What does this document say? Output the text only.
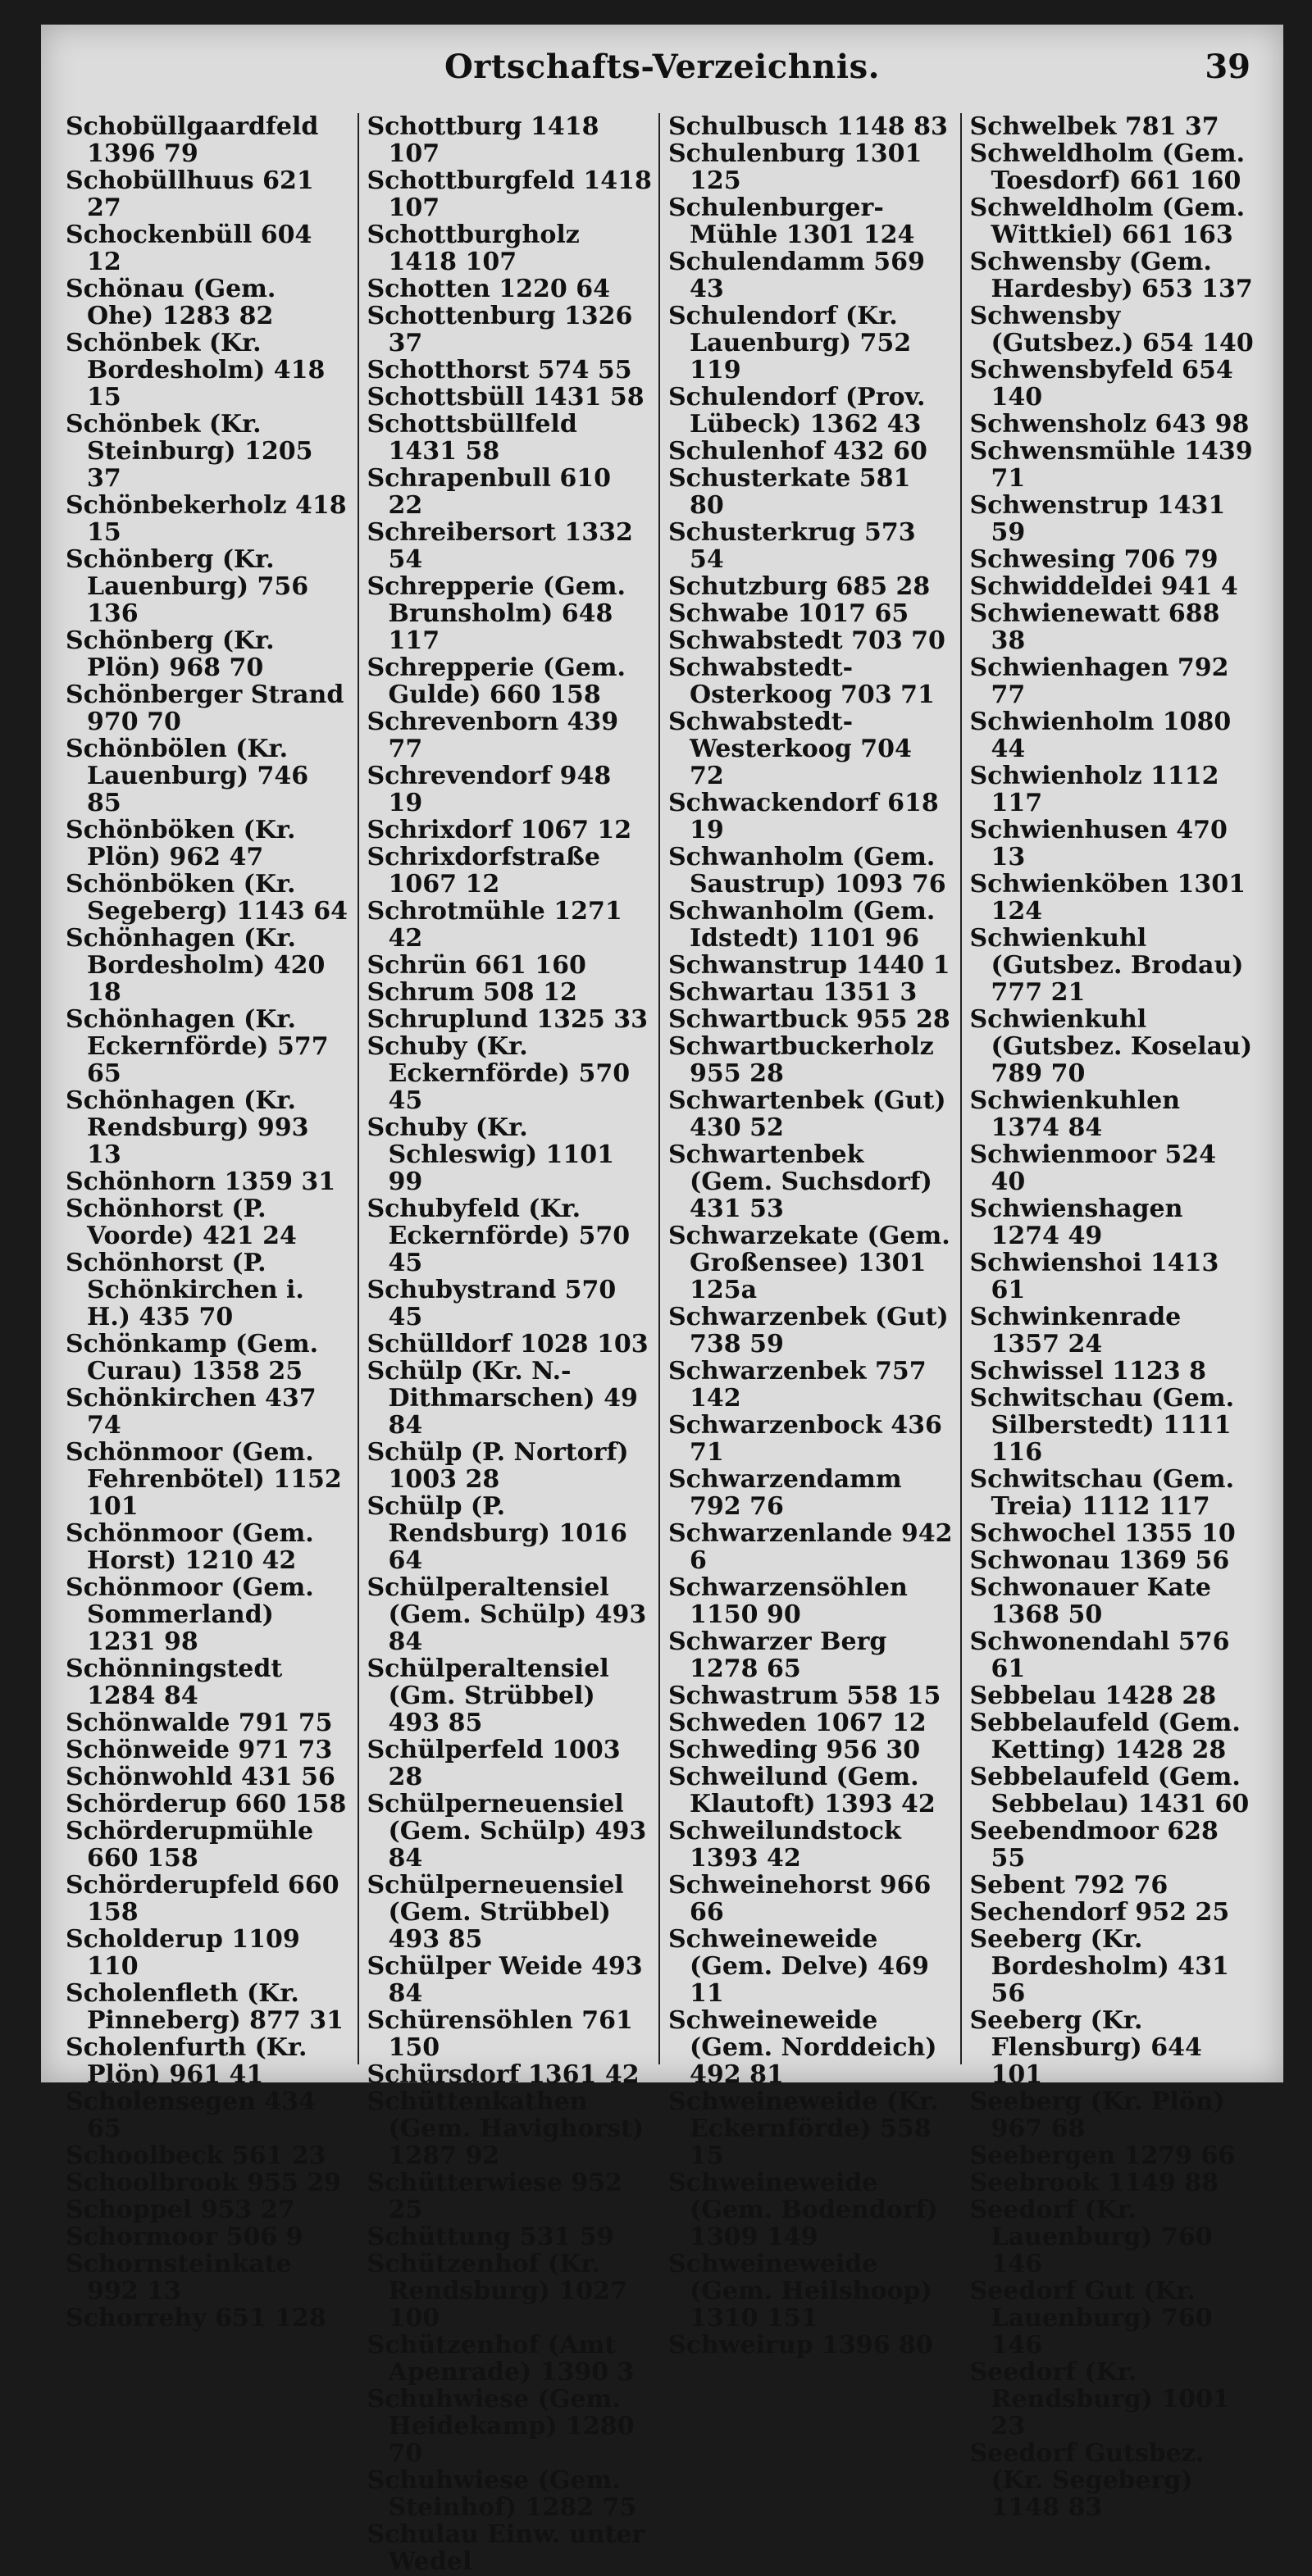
Ortschafts-Verzeichnis.	39
Schobüllgaardfeld 1396 79
Schobüllhuus 621 27
Schockenbüll 604 12
Schönau (Gem. Ohe) 1283 82
Schönbek (Kr. Bordesholm) 418 15
Schönbek (Kr. Steinburg) 1205 37
Schönbekerholz 418 15
Schönberg (Kr. Lauenburg) 756 136
Schönberg (Kr. Plön) 968 70
Schönberger Strand 970 70
Schönbölen (Kr. Lauenburg) 746 85
Schönböken (Kr. Plön) 962 47
Schönböken (Kr. Segeberg) 1143 64
Schönhagen (Kr. Bordesholm) 420 18
Schönhagen (Kr. Eckernförde) 577 65
Schönhagen (Kr. Rendsburg) 993 13
Schönhorn 1359 31
Schönhorst (P. Voorde) 421 24
Schönhorst (P. Schönkirchen i. H.) 435 70
Schönkamp (Gem. Curau) 1358 25
Schönkirchen 437 74
Schönmoor (Gem. Fehrenbötel) 1152 101
Schönmoor (Gem. Horst) 1210 42
Schönmoor (Gem. Sommerland) 1231 98
Schönningstedt 1284 84
Schönwalde 791 75
Schönweide 971 73
Schönwohld 431 56
Schörderup 660 158
Schörderupmühle 660 158
Schörderupfeld 660 158
Scholderup 1109 110
Scholenfleth (Kr. Pinneberg) 877 31
Scholenfurth (Kr. Plön) 961 41
Scholensegen 434 65
Schoolbeck 561 23
Schoolbrook 955 29
Schoppel 953 27
Schormoor 506 9
Schornsteinkate 992 13
Schorrehy 651 128
Schottburg 1418 107
Schottburgfeld 1418 107
Schottburgholz 1418 107
Schotten 1220 64
Schottenburg 1326 37
Schotthorst 574 55
Schottsbüll 1431 58
Schottsbüllfeld 1431 58
Schrapenbull 610 22
Schreibersort 1332 54
Schrepperie (Gem. Brunsholm) 648 117
Schrepperie (Gem. Gulde) 660 158
Schrevenborn 439 77
Schrevendorf 948 19
Schrixdorf 1067 12
Schrixdorfstraße 1067 12
Schrotmühle 1271 42
Schrün 661 160
Schrum 508 12
Schruplund 1325 33
Schuby (Kr. Eckernförde) 570 45
Schuby (Kr. Schleswig) 1101 99
Schubyfeld (Kr. Eckernförde) 570 45
Schubystrand 570 45
Schülldorf 1028 103
Schülp (Kr. N.-Dithmarschen) 49 84
Schülp (P. Nortorf) 1003 28
Schülp (P. Rendsburg) 1016 64
Schülperaltensiel (Gem. Schülp) 493 84
Schülperaltensiel (Gm. Strübbel) 493 85
Schülperfeld 1003 28
Schülperneuensiel (Gem. Schülp) 493 84
Schülperneuensiel (Gem. Strübbel) 493 85
Schülper Weide 493 84
Schürensöhlen 761 150
Schürsdorf 1361 42
Schüttenkathen (Gem. Havighorst) 1287 92
Schütterwiese 952 25
Schüttung 531 59
Schützenhof (Kr. Rendsburg) 1027 100
Schützenhof (Amt Apenrade) 1390 3
Schuhwiese (Gem. Heidekamp) 1280 70
Schuhwiese (Gem. Steinhof) 1282 75
Schulau Einw. unter Wedel
Schulbusch 1148 83
Schulenburg 1301 125
Schulenburger-Mühle 1301 124
Schulendamm 569 43
Schulendorf (Kr. Lauenburg) 752 119
Schulendorf (Prov. Lübeck) 1362 43
Schulenhof 432 60
Schusterkate 581 80
Schusterkrug 573 54
Schutzburg 685 28
Schwabe 1017 65
Schwabstedt 703 70
Schwabstedt-Osterkoog 703 71
Schwabstedt-Westerkoog 704 72
Schwackendorf 618 19
Schwanholm (Gem. Saustrup) 1093 76
Schwanholm (Gem. Idstedt) 1101 96
Schwanstrup 1440 1
Schwartau 1351 3
Schwartbuck 955 28
Schwartbuckerholz 955 28
Schwartenbek (Gut) 430 52
Schwartenbek (Gem. Suchsdorf) 431 53
Schwarzekate (Gem. Großensee) 1301 125a
Schwarzenbek (Gut) 738 59
Schwarzenbek 757 142
Schwarzenbock 436 71
Schwarzendamm 792 76
Schwarzenlande 942 6
Schwarzensöhlen 1150 90
Schwarzer Berg 1278 65
Schwastrum 558 15
Schweden 1067 12
Schweding 956 30
Schweilund (Gem. Klautoft) 1393 42
Schweilundstock 1393 42
Schweinehorst 966 66
Schweineweide (Gem. Delve) 469 11
Schweineweide (Gem. Norddeich) 492 81
Schweineweide (Kr. Eckernförde) 558 15
Schweineweide (Gem. Bodendorf) 1309 149
Schweineweide (Gem. Heilshoop) 1310 151
Schweirup 1396 80
Schwelbek 781 37
Schweldholm (Gem. Toesdorf) 661 160
Schweldholm (Gem. Wittkiel) 661 163
Schwensby (Gem. Hardesby) 653 137
Schwensby (Gutsbez.) 654 140
Schwensbyfeld 654 140
Schwensholz 643 98
Schwensmühle 1439 71
Schwenstrup 1431 59
Schwesing 706 79
Schwiddeldei 941 4
Schwienewatt 688 38
Schwienhagen 792 77
Schwienholm 1080 44
Schwienholz 1112 117
Schwienhusen 470 13
Schwienköben 1301 124
Schwienkuhl (Gutsbez. Brodau) 777 21
Schwienkuhl (Gutsbez. Koselau) 789 70
Schwienkuhlen 1374 84
Schwienmoor 524 40
Schwienshagen 1274 49
Schwienshoi 1413 61
Schwinkenrade 1357 24
Schwissel 1123 8
Schwitschau (Gem. Silberstedt) 1111 116
Schwitschau (Gem. Treia) 1112 117
Schwochel 1355 10
Schwonau 1369 56
Schwonauer Kate 1368 50
Schwonendahl 576 61
Sebbelau 1428 28
Sebbelaufeld (Gem. Ketting) 1428 28
Sebbelaufeld (Gem. Sebbelau) 1431 60
Seebendmoor 628 55
Sebent 792 76
Sechendorf 952 25
Seeberg (Kr. Bordesholm) 431 56
Seeberg (Kr. Flensburg) 644 101
Seeberg (Kr. Plön) 967 68
Seebergen 1279 66
Seebrook 1149 88
Seedorf (Kr. Lauenburg) 760 146
Seedorf Gut (Kr. Lauenburg) 760 146
Seedorf (Kr. Rendsburg) 1001 23
Seedorf Gutsbez. (Kr. Segeberg) 1148 83
